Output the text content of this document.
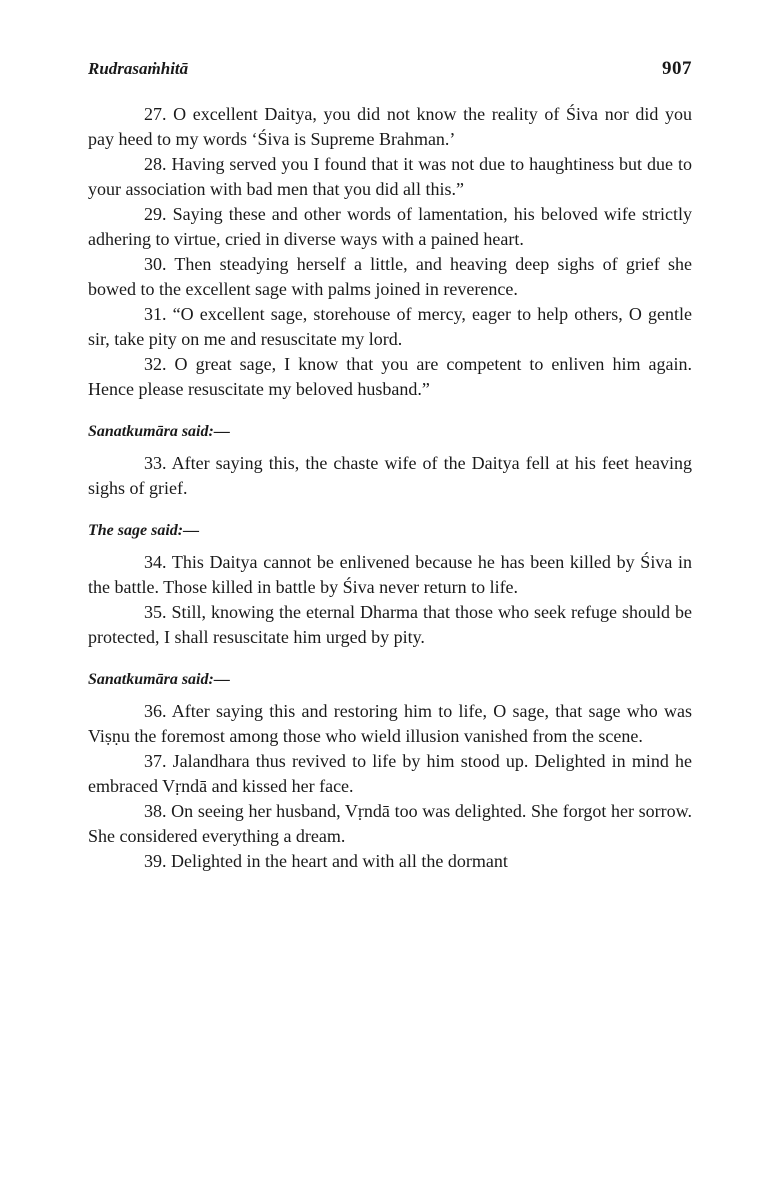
Rudrasaṁhitā	907

27. O excellent Daitya, you did not know the reality of Śiva nor did you pay heed to my words ‘Śiva is Supreme Brahman.’

28. Having served you I found that it was not due to haughtiness but due to your association with bad men that you did all this.”

29. Saying these and other words of lamentation, his beloved wife strictly adhering to virtue, cried in diverse ways with a pained heart.

30. Then steadying herself a little, and heaving deep sighs of grief she bowed to the excellent sage with palms joined in reverence.

31. “O excellent sage, storehouse of mercy, eager to help others, O gentle sir, take pity on me and resuscitate my lord.

32. O great sage, I know that you are competent to enliven him again. Hence please resuscitate my beloved husband.”

Sanatkumāra said:—

33. After saying this, the chaste wife of the Daitya fell at his feet heaving sighs of grief.

The sage said:—

34. This Daitya cannot be enlivened because he has been killed by Śiva in the battle. Those killed in battle by Śiva never return to life.

35. Still, knowing the eternal Dharma that those who seek refuge should be protected, I shall resuscitate him urged by pity.

Sanatkumāra said:—

36. After saying this and restoring him to life, O sage, that sage who was Viṣṇu the foremost among those who wield illusion vanished from the scene.

37. Jalandhara thus revived to life by him stood up. Delighted in mind he embraced Vṛndā and kissed her face.

38. On seeing her husband, Vṛndā too was delighted. She forgot her sorrow. She considered everything a dream.

39. Delighted in the heart and with all the dormant
